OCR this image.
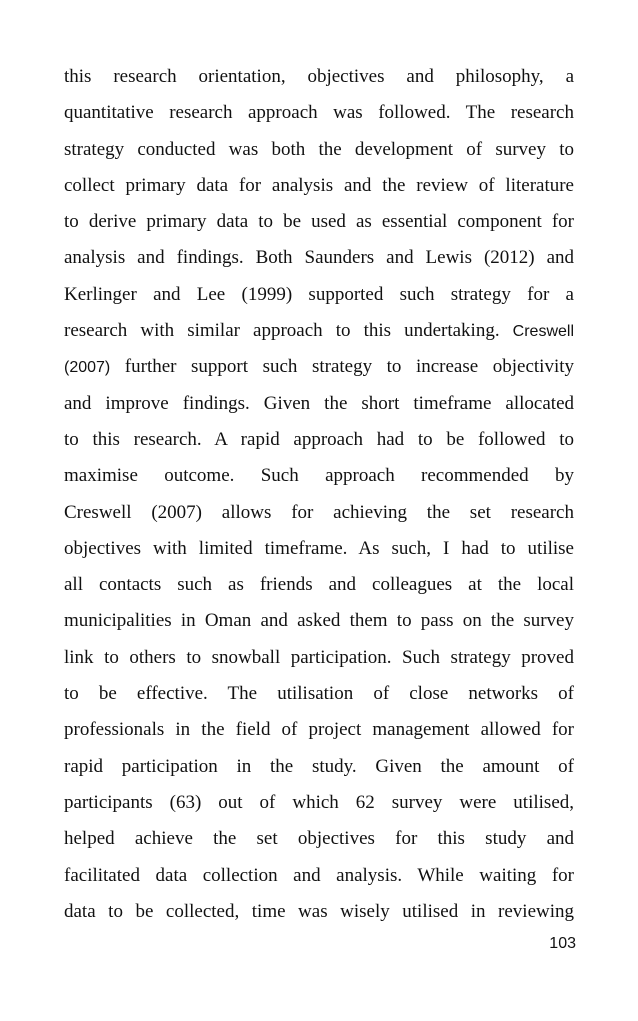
this research orientation, objectives and philosophy, a
quantitative research approach was followed. The research
strategy conducted was both the development of survey to
collect primary data for analysis and the review of literature
to derive primary data to be used as essential component for
analysis and findings. Both Saunders and Lewis (2012) and
Kerlinger and Lee (1999) supported such strategy for a
research with similar approach to this undertaking. Creswell
(2007) further support such strategy to increase objectivity
and improve findings. Given the short timeframe allocated
to this research. A rapid approach had to be followed to
maximise outcome. Such approach recommended by
Creswell (2007) allows for achieving the set research
objectives with limited timeframe. As such, I had to utilise
all contacts such as friends and colleagues at the local
municipalities in Oman and asked them to pass on the survey
link to others to snowball participation. Such strategy proved
to be effective. The utilisation of close networks of
professionals in the field of project management allowed for
rapid participation in the study. Given the amount of
participants (63) out of which 62 survey were utilised,
helped achieve the set objectives for this study and
facilitated data collection and analysis. While waiting for
data to be collected, time was wisely utilised in reviewing
103
